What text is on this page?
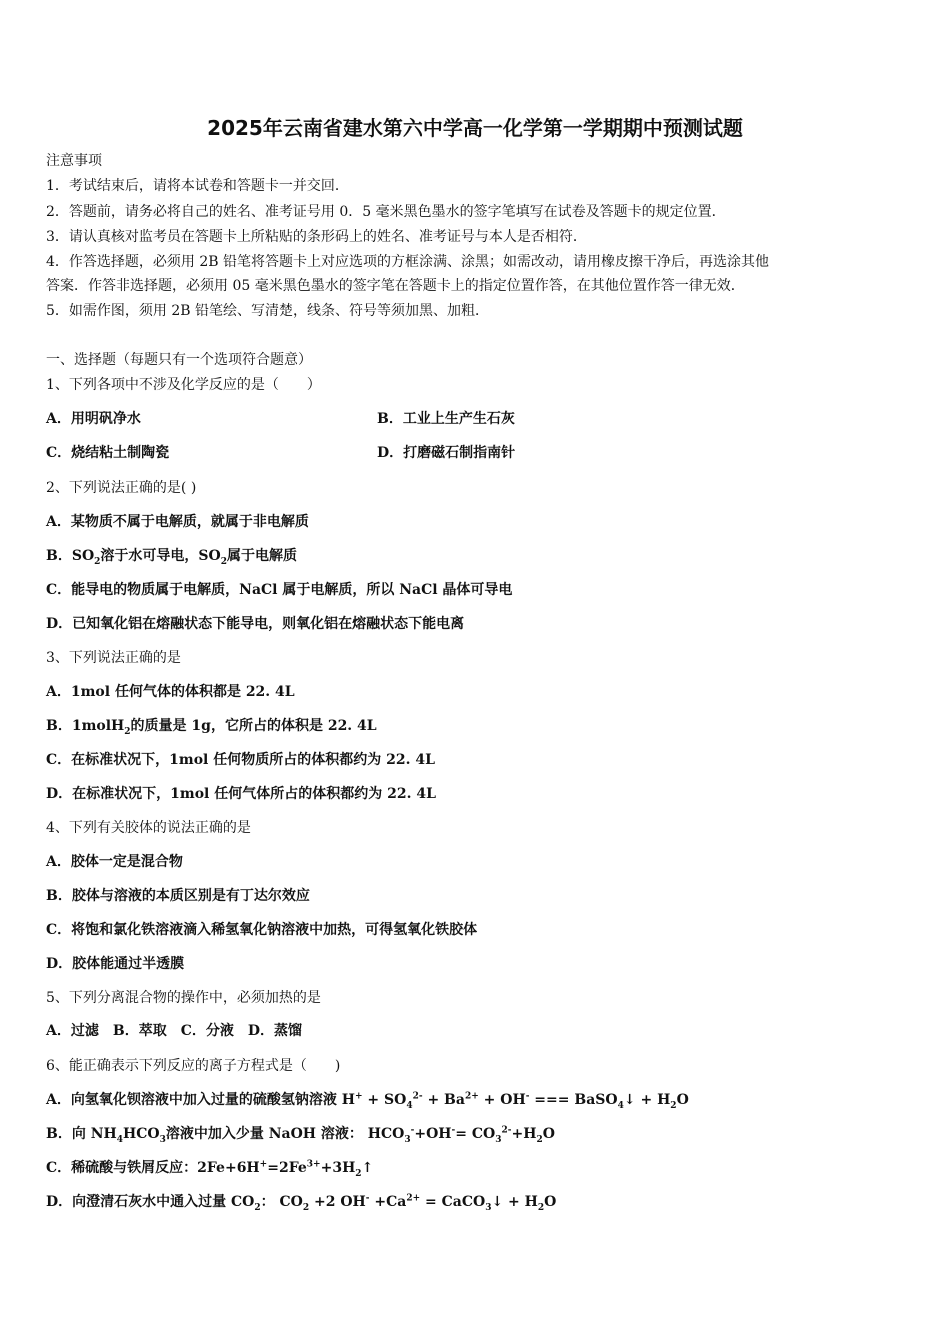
2025年云南省建水第六中学高一化学第一学期期中预测试题
注意事项
1．考试结束后，请将本试卷和答题卡一并交回．
2．答题前，请务必将自己的姓名、准考证号用 0．5 毫米黑色墨水的签字笔填写在试卷及答题卡的规定位置．
3．请认真核对监考员在答题卡上所粘贴的条形码上的姓名、准考证号与本人是否相符．
4．作答选择题，必须用 2B 铅笔将答题卡上对应选项的方框涂满、涂黑；如需改动，请用橡皮擦干净后，再选涂其他
答案．作答非选择题，必须用 05 毫米黑色墨水的签字笔在答题卡上的指定位置作答，在其他位置作答一律无效．
5．如需作图，须用 2B 铅笔绘、写清楚，线条、符号等须加黑、加粗．
一、选择题（每题只有一个选项符合题意）
1、下列各项中不涉及化学反应的是（　　）
A．用明矾净水	B．工业上生产生石灰
C．烧结粘土制陶瓷	D．打磨磁石制指南针
2、下列说法正确的是( )
A．某物质不属于电解质，就属于非电解质
B．$SO_2$溶于水可导电，$SO_2$属于电解质
C．能导电的物质属于电解质，NaCl 属于电解质，所以 NaCl 晶体可导电
D．已知氧化铝在熔融状态下能导电，则氧化铝在熔融状态下能电离
3、下列说法正确的是
A．1mol 任何气体的体积都是 22. 4L
B．1molH$_2$的质量是 1g，它所占的体积是 22. 4L
C．在标准状况下，1mol 任何物质所占的体积都约为 22. 4L
D．在标准状况下，1mol 任何气体所占的体积都约为 22. 4L
4、下列有关胶体的说法正确的是
A．胶体一定是混合物
B．胶体与溶液的本质区别是有丁达尔效应
C．将饱和氯化铁溶液滴入稀氢氧化钠溶液中加热，可得氢氧化铁胶体
D．胶体能通过半透膜
5、下列分离混合物的操作中，必须加热的是
A．过滤　B．萃取　C．分液　D．蒸馏
6、能正确表示下列反应的离子方程式是（　　)
A．向氢氧化钡溶液中加入过量的硫酸氢钠溶液 $H^+ + SO_4^{2-} + Ba^{2+} + OH^-$ === BaSO$_4$↓ + $H_2O$
B．向 $NH_4HCO_3$溶液中加入少量 NaOH 溶液： $HCO_3^-+OH^-= CO_3^{2-}+H_2O$
C．稀硫酸与铁屑反应：$2Fe+6H^+=2Fe^{3+}+3H_2↑$
D．向澄清石灰水中通入过量 $CO_2$： $CO_2 +2$ $OH^- +Ca^{2+}$ = CaCO$_3$↓ + $H_2O$
